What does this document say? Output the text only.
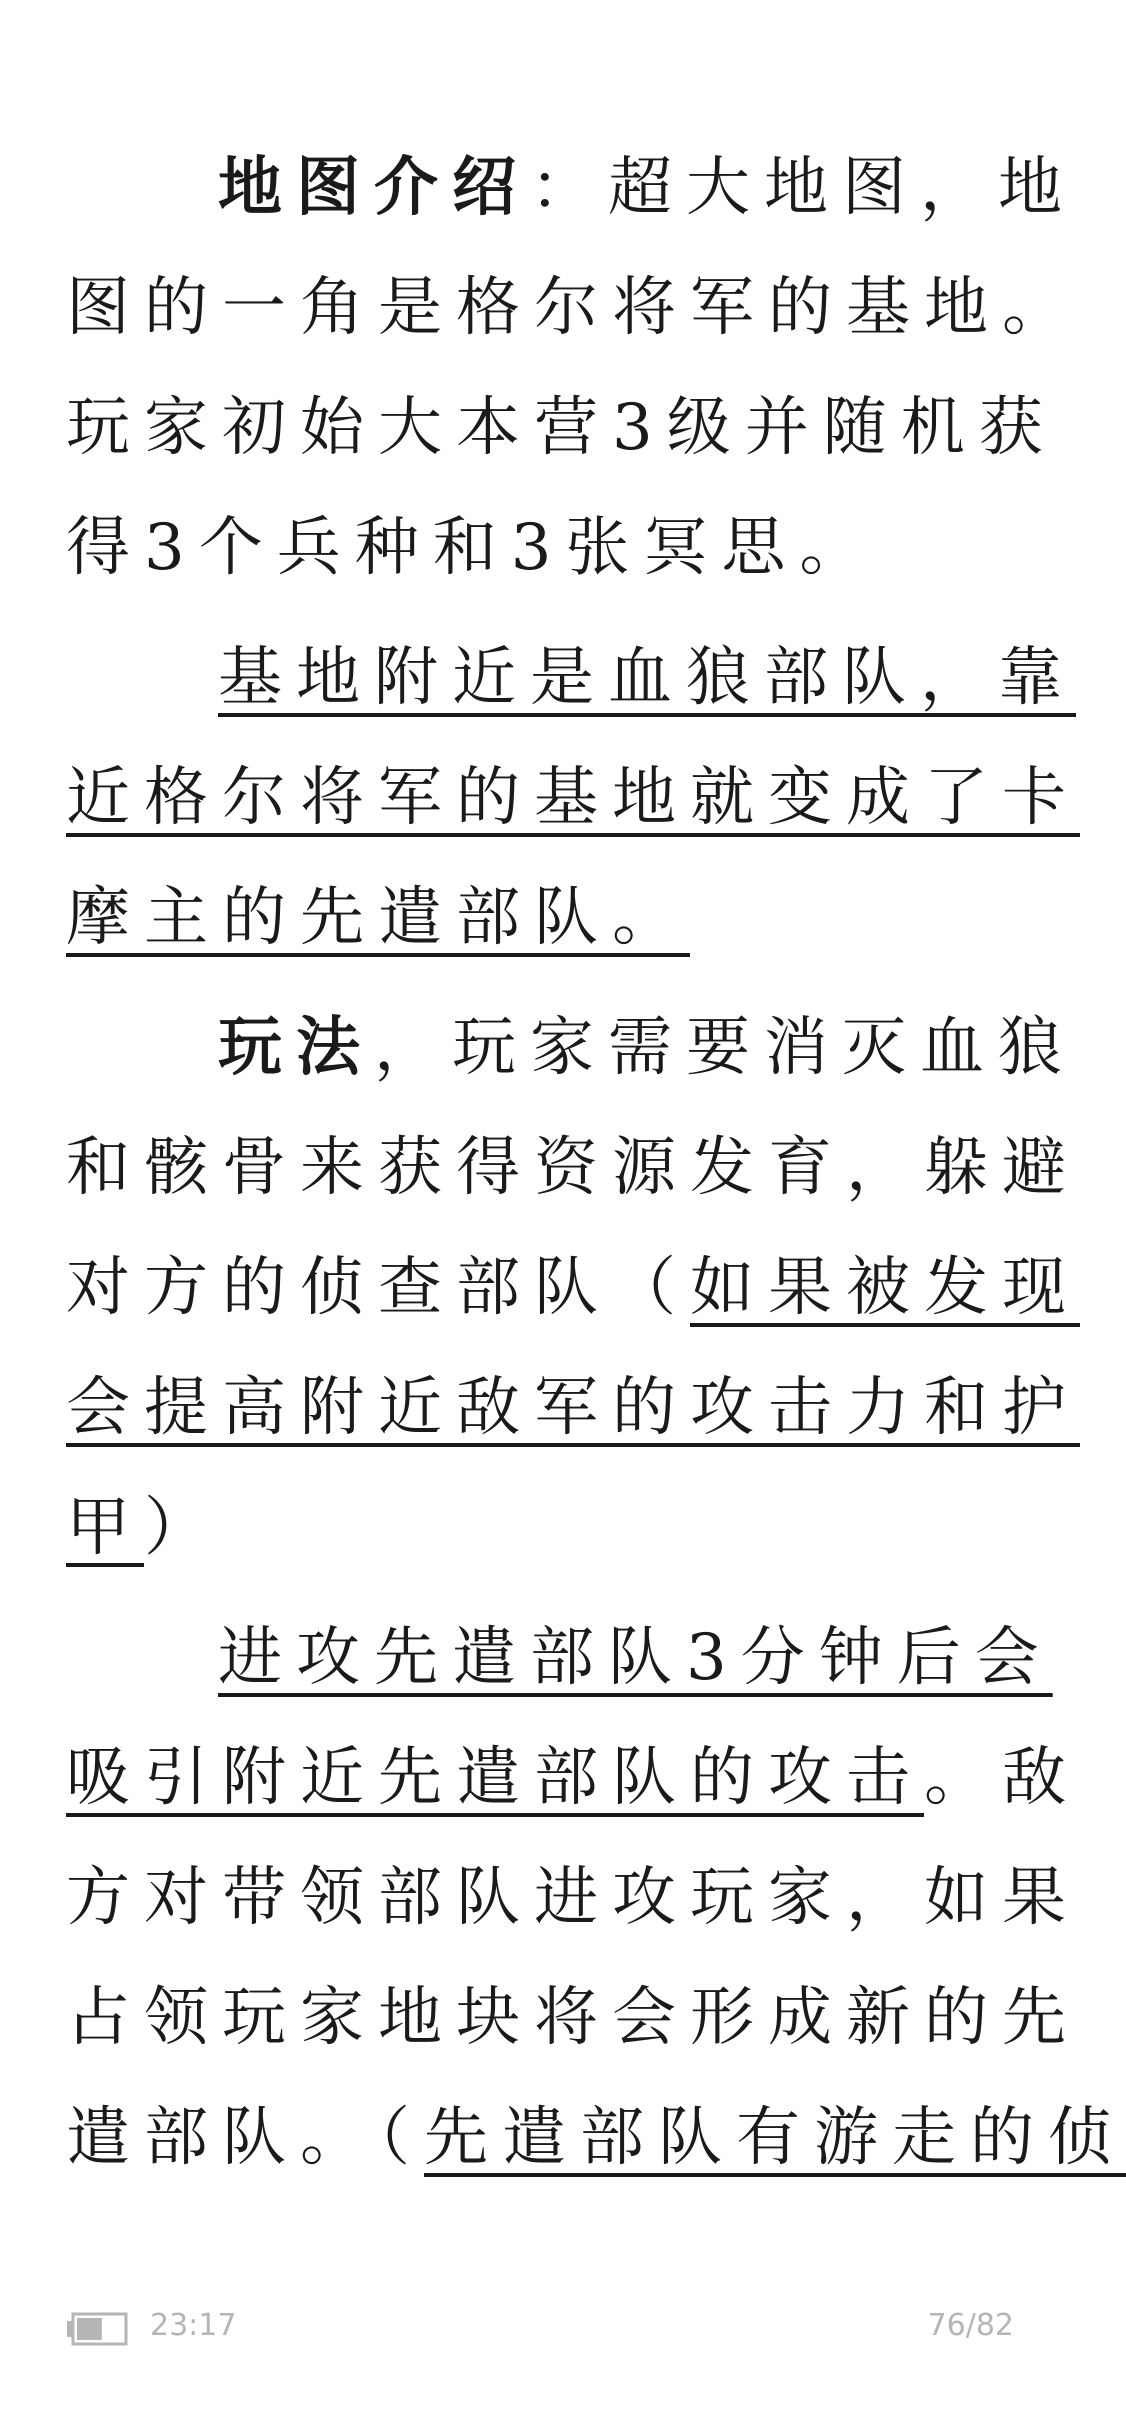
地图介绍：超大地图，地
图的一角是格尔将军的基地。
玩家初始大本营3级并随机获
得3个兵种和3张冥思。
基地附近是血狼部队，靠
近格尔将军的基地就变成了卡
摩主的先遣部队。
玩法，玩家需要消灭血狼
和骸骨来获得资源发育，躲避
对方的侦查部队（如果被发现
会提高附近敌军的攻击力和护
甲）
进攻先遣部队3分钟后会
吸引附近先遣部队的攻击。敌
方对带领部队进攻玩家，如果
占领玩家地块将会形成新的先
遣部队。（先遣部队有游走的侦
23:17	76/82
